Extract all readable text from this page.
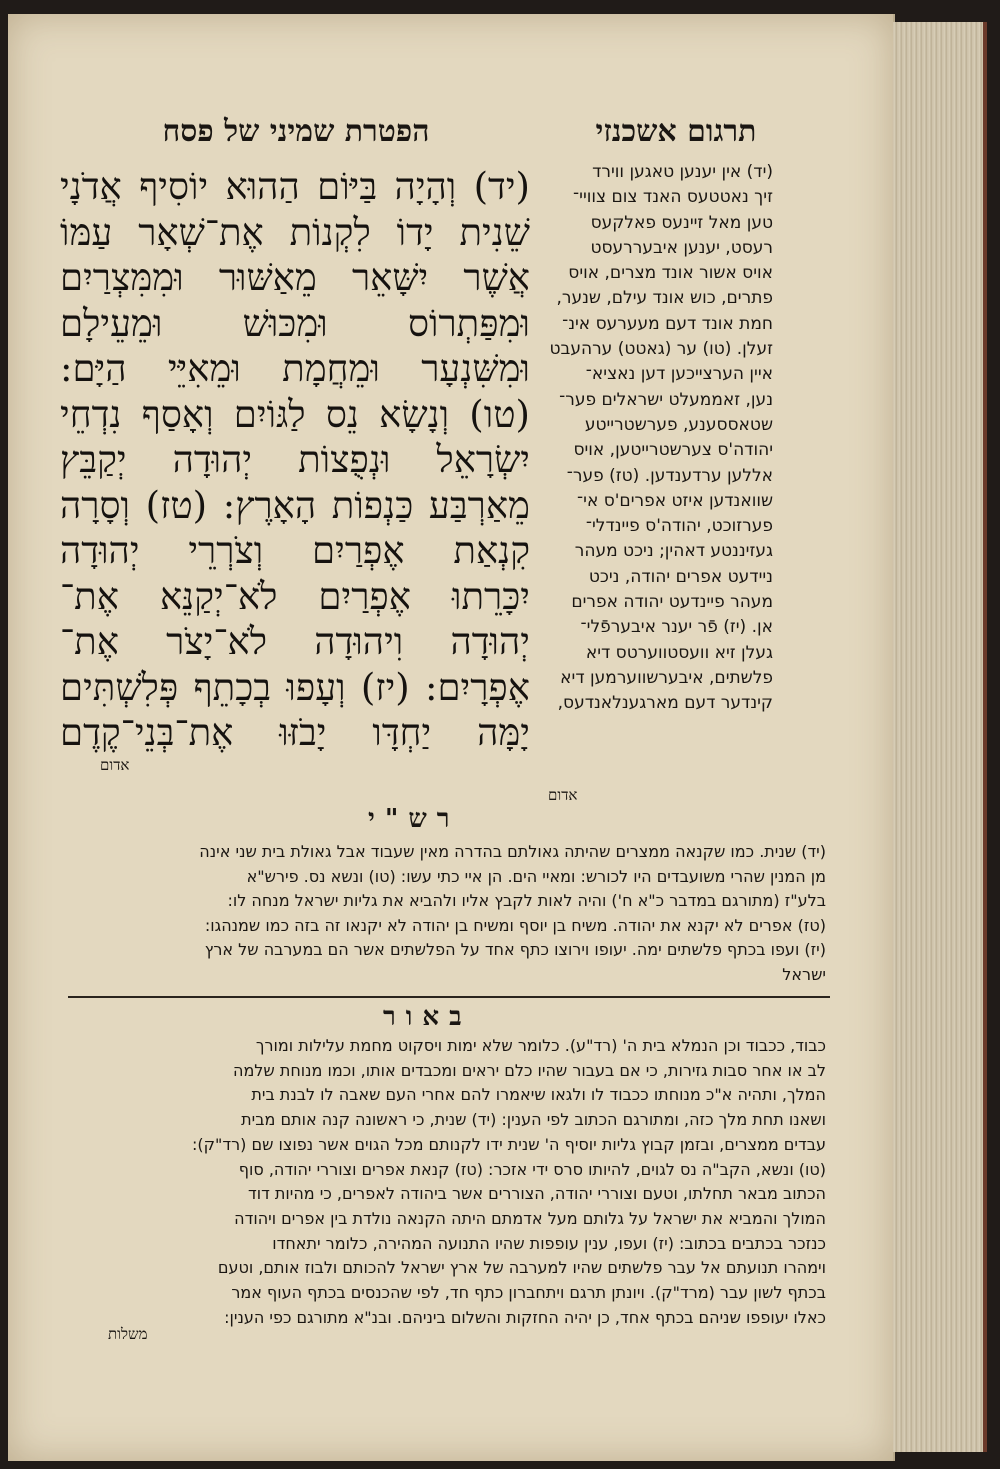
הפטרת שמיני של פסח	תרגום אשכנזי
(יד) וְהָיָה בַּיּוֹם הַהוּא יוֹסִיף אֲדֹנָי
שֵׁנִית יָדוֹ לִקְנוֹת אֶת־שְׁאָר עַמּוֹ
אֲשֶׁר יִשָּׁאֵר מֵאַשּׁוּר וּמִמִּצְרַיִם
וּמִפַּתְרוֹס וּמִכּוּשׁ וּמֵעֵילָם
וּמִשִּׁנְעָר וּמֵחֲמָת וּמֵאִיֵּי הַיָּם:
(טו) וְנָשָׂא נֵס לַגּוֹיִם וְאָסַף נִדְחֵי
יִשְׂרָאֵל וּנְפֻצוֹת יְהוּדָה יְקַבֵּץ
מֵאַרְבַּע כַּנְפוֹת הָאָרֶץ: (טז) וְסָרָה
קִנְאַת אֶפְרַיִם וְצֹרְרֵי יְהוּדָה
יִכָּרֵתוּ אֶפְרַיִם לֹא־יְקַנֵּא אֶת־
יְהוּדָה וִיהוּדָה לֹא־יָצֹר אֶת־
אֶפְרָיִם: (יז) וְעָפוּ בְכָתֵף פְּלִשְׁתִּים
יָמָּה יַחְדָּו יָבֹזּוּ אֶת־בְּנֵי־קֶדֶם
אדום
(יד) אין יענען טאגען ווירד
זיך נאטטעס האנד צום צוויי־
טען מאל זיינעס פאלקעס
רעסט, יענען איבעררעסט
אויס אשור אונד מצרים, אויס
פתרים, כוש אונד עילם, שנער,
חמת אונד דעם מעערעס אינ־
זעלן. (טו) ער (גאטט) ערהעבט
איין הערצייכען דען נאציא־
נען, זאממעלט ישראלים פער־
שטאססענע, פערשטרייטע
יהודה'ס צערשטרייטען, אויס
אללען ערדענדען. (טז) פער־
שוואנדען איזט אפרים'ס אי־
פערזוכט, יהודה'ס פיינדלי־
געזיננטע דאהין; ניכט מעהר
ניידעט אפרים יהודה, ניכט
מעהר פיינדעט יהודה אפרים
אן. (יז) פֿר יענר איבערפֿלי־
געלן זיא וועסטווערטס דיא
פלשתים, איבערשווערמען דיא
קינדער דעם מארגענלאנדעס,
אדום
רש"י
(יד) שנית. כמו שקנאה ממצרים שהיתה גאולתם בהדרה מאין שעבוד אבל גאולת בית שני אינה
מן המנין שהרי משועבדים היו לכורש: ומאיי הים. הן איי כתי עשו: (טו) ונשא נס. פירש"א
בלע"ז (מתורגם במדבר כ"א ח') והיה לאות לקבץ אליו ולהביא את גליות ישראל מנחה לו:
(טז) אפרים לא יקנא את יהודה. משיח בן יוסף ומשיח בן יהודה לא יקנאו זה בזה כמו שמנהגו:
(יז) ועפו בכתף פלשתים ימה. יעופו וירוצו כתף אחד על הפלשתים אשר הם במערבה של ארץ
ישראל
באור
כבוד, ככבוד וכן הנמלא בית ה' (רד"ע). כלומר שלא ימות ויסקוט מחמת עלילות ומורך
לב או אחר סבות גזירות, כי אם בעבור שהיו כלם יראים ומכבדים אותו, וכמו מנוחת שלמה
המלך, ותהיה א"כ מנוחתו ככבוד לו ולגאו שיאמרו להם אחרי העם שאבה לו לבנת בית
ושאנו תחת מלך כזה, ומתורגם הכתוב לפי הענין: (יד) שנית, כי ראשונה קנה אותם מבית
עבדים ממצרים, ובזמן קבוץ גליות יוסיף ה' שנית ידו לקנותם מכל הגוים אשר נפוצו שם (רד"ק):
(טו) ונשא, הקב"ה נס לגוים, להיותו סרס ידי אזכר: (טז) קנאת אפרים וצוררי יהודה, סוף
הכתוב מבאר תחלתו, וטעם וצוררי יהודה, הצוררים אשר ביהודה לאפרים, כי מהיות דוד
המולך והמביא את ישראל על גלותם מעל אדמתם היתה הקנאה נולדת בין אפרים ויהודה
כנזכר בכתבים בכתוב: (יז) ועפו, ענין עופפות שהיו התנועה המהירה, כלומר יתאחדו
וימהרו תנועתם אל עבר פלשתים שהיו למערבה של ארץ ישראל להכותם ולבוז אותם, וטעם
בכתף לשון עבר (מרד"ק). ויונתן תרגם ויתחברון כתף חד, לפי שהכנסים בכתף העוף אמר
כאלו יעופפו שניהם בכתף אחד, כן יהיה החזקות והשלום ביניהם. ובנ"א מתורגם כפי הענין:
משלות
